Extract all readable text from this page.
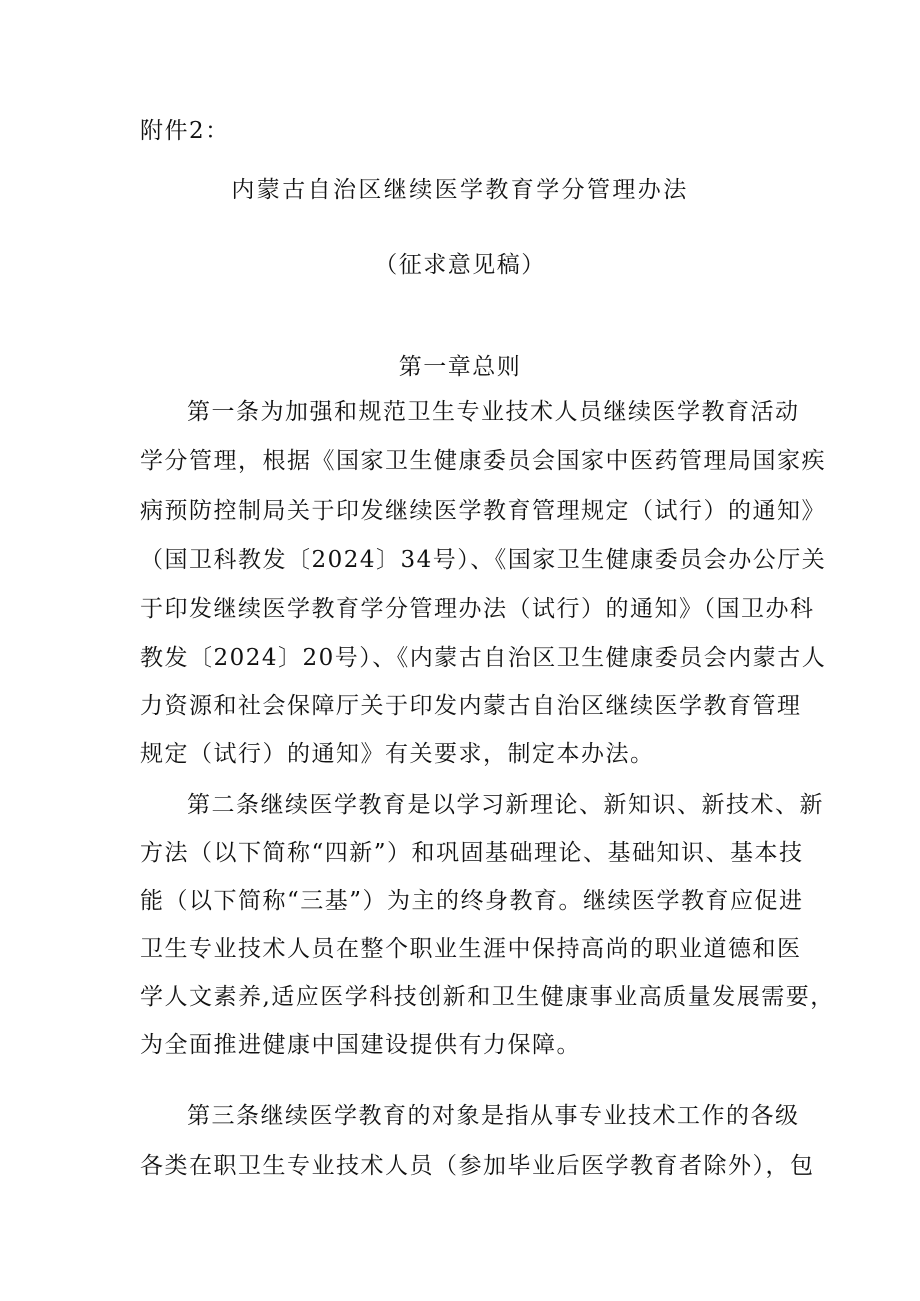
附件2：
内蒙古自治区继续医学教育学分管理办法
（征求意见稿）
第一章总则
第一条为加强和规范卫生专业技术人员继续医学教育活动
学分管理，根据《国家卫生健康委员会国家中医药管理局国家疾
病预防控制局关于印发继续医学教育管理规定（试行）的通知》
（国卫科教发〔2024〕34号）、《国家卫生健康委员会办公厅关
于印发继续医学教育学分管理办法（试行）的通知》（国卫办科
教发〔2024〕20号）、《内蒙古自治区卫生健康委员会内蒙古人
力资源和社会保障厅关于印发内蒙古自治区继续医学教育管理
规定（试行）的通知》有关要求，制定本办法。
第二条继续医学教育是以学习新理论、新知识、新技术、新
方法（以下简称“四新”）和巩固基础理论、基础知识、基本技
能（以下简称“三基”）为主的终身教育。继续医学教育应促进
卫生专业技术人员在整个职业生涯中保持高尚的职业道德和医
学人文素养,适应医学科技创新和卫生健康事业高质量发展需要，
为全面推进健康中国建设提供有力保障。
第三条继续医学教育的对象是指从事专业技术工作的各级
各类在职卫生专业技术人员（参加毕业后医学教育者除外），包
